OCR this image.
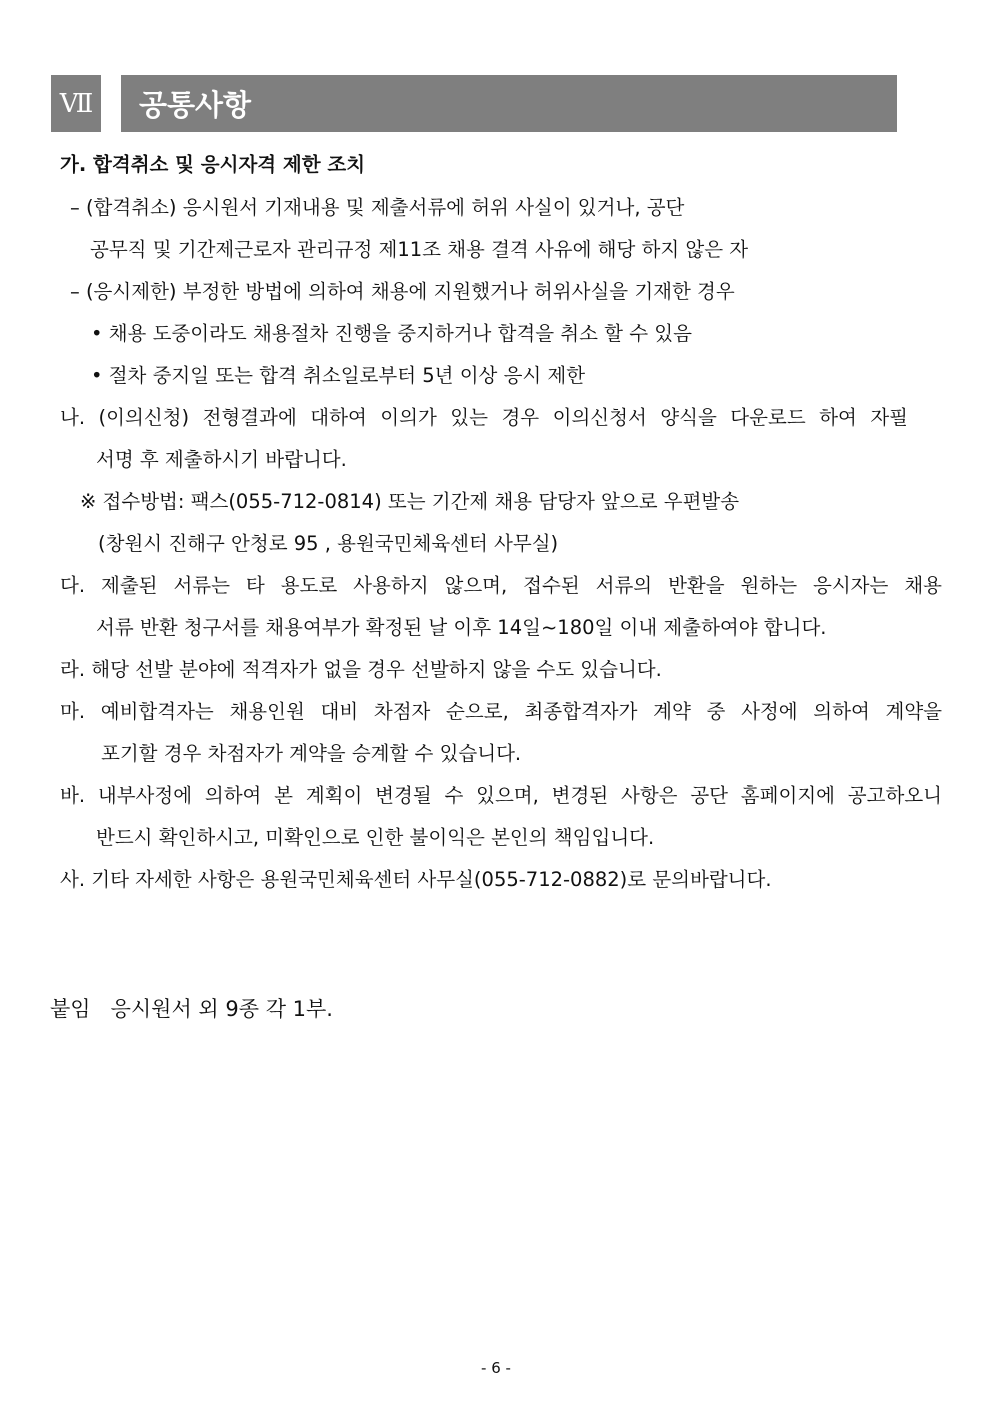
Ⅶ	공통사항
가. 합격취소 및 응시자격 제한 조치
– (합격취소) 응시원서 기재내용 및 제출서류에 허위 사실이 있거나, 공단
공무직 및 기간제근로자 관리규정 제11조 채용 결격 사유에 해당 하지 않은 자
– (응시제한) 부정한 방법에 의하여 채용에 지원했거나 허위사실을 기재한 경우
• 채용 도중이라도 채용절차 진행을 중지하거나 합격을 취소 할 수 있음
• 절차 중지일 또는 합격 취소일로부터 5년 이상 응시 제한
나. (이의신청) 전형결과에 대하여 이의가 있는 경우 이의신청서 양식을 다운로드 하여 자필
서명 후 제출하시기 바랍니다.
※ 접수방법: 팩스(055-712-0814) 또는 기간제 채용 담당자 앞으로 우편발송
(창원시 진해구 안청로 95 , 용원국민체육센터 사무실)
다. 제출된 서류는 타 용도로 사용하지 않으며, 접수된 서류의 반환을 원하는 응시자는 채용
서류 반환 청구서를 채용여부가 확정된 날 이후 14일~180일 이내 제출하여야 합니다.
라. 해당 선발 분야에 적격자가 없을 경우 선발하지 않을 수도 있습니다.
마. 예비합격자는 채용인원 대비 차점자 순으로, 최종합격자가 계약 중 사정에 의하여 계약을
포기할 경우 차점자가 계약을 승계할 수 있습니다.
바. 내부사정에 의하여 본 계획이 변경될 수 있으며, 변경된 사항은 공단 홈페이지에 공고하오니
반드시 확인하시고, 미확인으로 인한 불이익은 본인의 책임입니다.
사. 기타 자세한 사항은 용원국민체육센터 사무실(055-712-0882)로 문의바랍니다.
붙임   응시원서 외 9종 각 1부.
- 6 -
